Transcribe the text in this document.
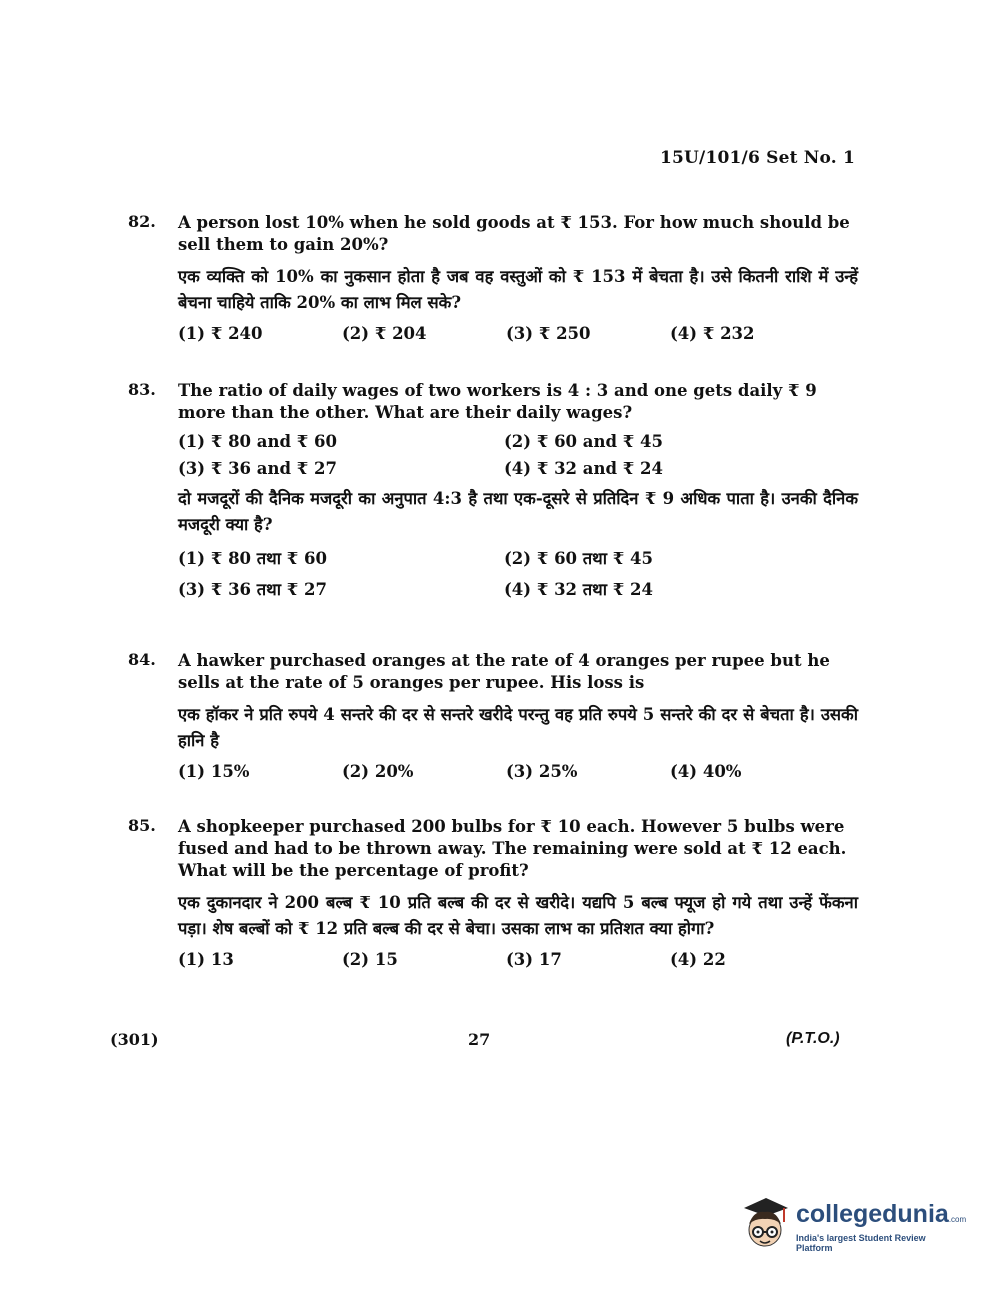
15U/101/6 Set No. 1
82. A person lost 10% when he sold goods at ₹ 153. For how much should be sell them to gain 20%?

एक व्यक्ति को 10% का नुकसान होता है जब वह वस्तुओं को ₹ 153 में बेचता है। उसे कितनी राशि में उन्हें बेचना चाहिये ताकि 20% का लाभ मिल सके?

(1) ₹ 240	(2) ₹ 204	(3) ₹ 250	(4) ₹ 232
83. The ratio of daily wages of two workers is 4 : 3 and one gets daily ₹ 9 more than the other. What are their daily wages?

(1) ₹ 80 and ₹ 60	(2) ₹ 60 and ₹ 45
(3) ₹ 36 and ₹ 27	(4) ₹ 32 and ₹ 24

दो मजदूरों की दैनिक मजदूरी का अनुपात 4:3 है तथा एक-दूसरे से प्रतिदिन ₹ 9 अधिक पाता है। उनकी दैनिक मजदूरी क्या है?

(1) ₹ 80 तथा ₹ 60	(2) ₹ 60 तथा ₹ 45
(3) ₹ 36 तथा ₹ 27	(4) ₹ 32 तथा ₹ 24
84. A hawker purchased oranges at the rate of 4 oranges per rupee but he sells at the rate of 5 oranges per rupee. His loss is

एक हॉकर ने प्रति रुपये 4 सन्तरे की दर से सन्तरे खरीदे परन्तु वह प्रति रुपये 5 सन्तरे की दर से बेचता है। उसकी हानि है

(1) 15%	(2) 20%	(3) 25%	(4) 40%
85. A shopkeeper purchased 200 bulbs for ₹ 10 each. However 5 bulbs were fused and had to be thrown away. The remaining were sold at ₹ 12 each. What will be the percentage of profit?

एक दुकानदार ने 200 बल्ब ₹ 10 प्रति बल्ब की दर से खरीदे। यद्यपि 5 बल्ब फ्यूज हो गये तथा उन्हें फेंकना पड़ा। शेष बल्बों को ₹ 12 प्रति बल्ब की दर से बेचा। उसका लाभ का प्रतिशत क्या होगा?

(1) 13	(2) 15	(3) 17	(4) 22
(301)	27	(P.T.O.)
collegedunia.com
India's largest Student Review Platform
